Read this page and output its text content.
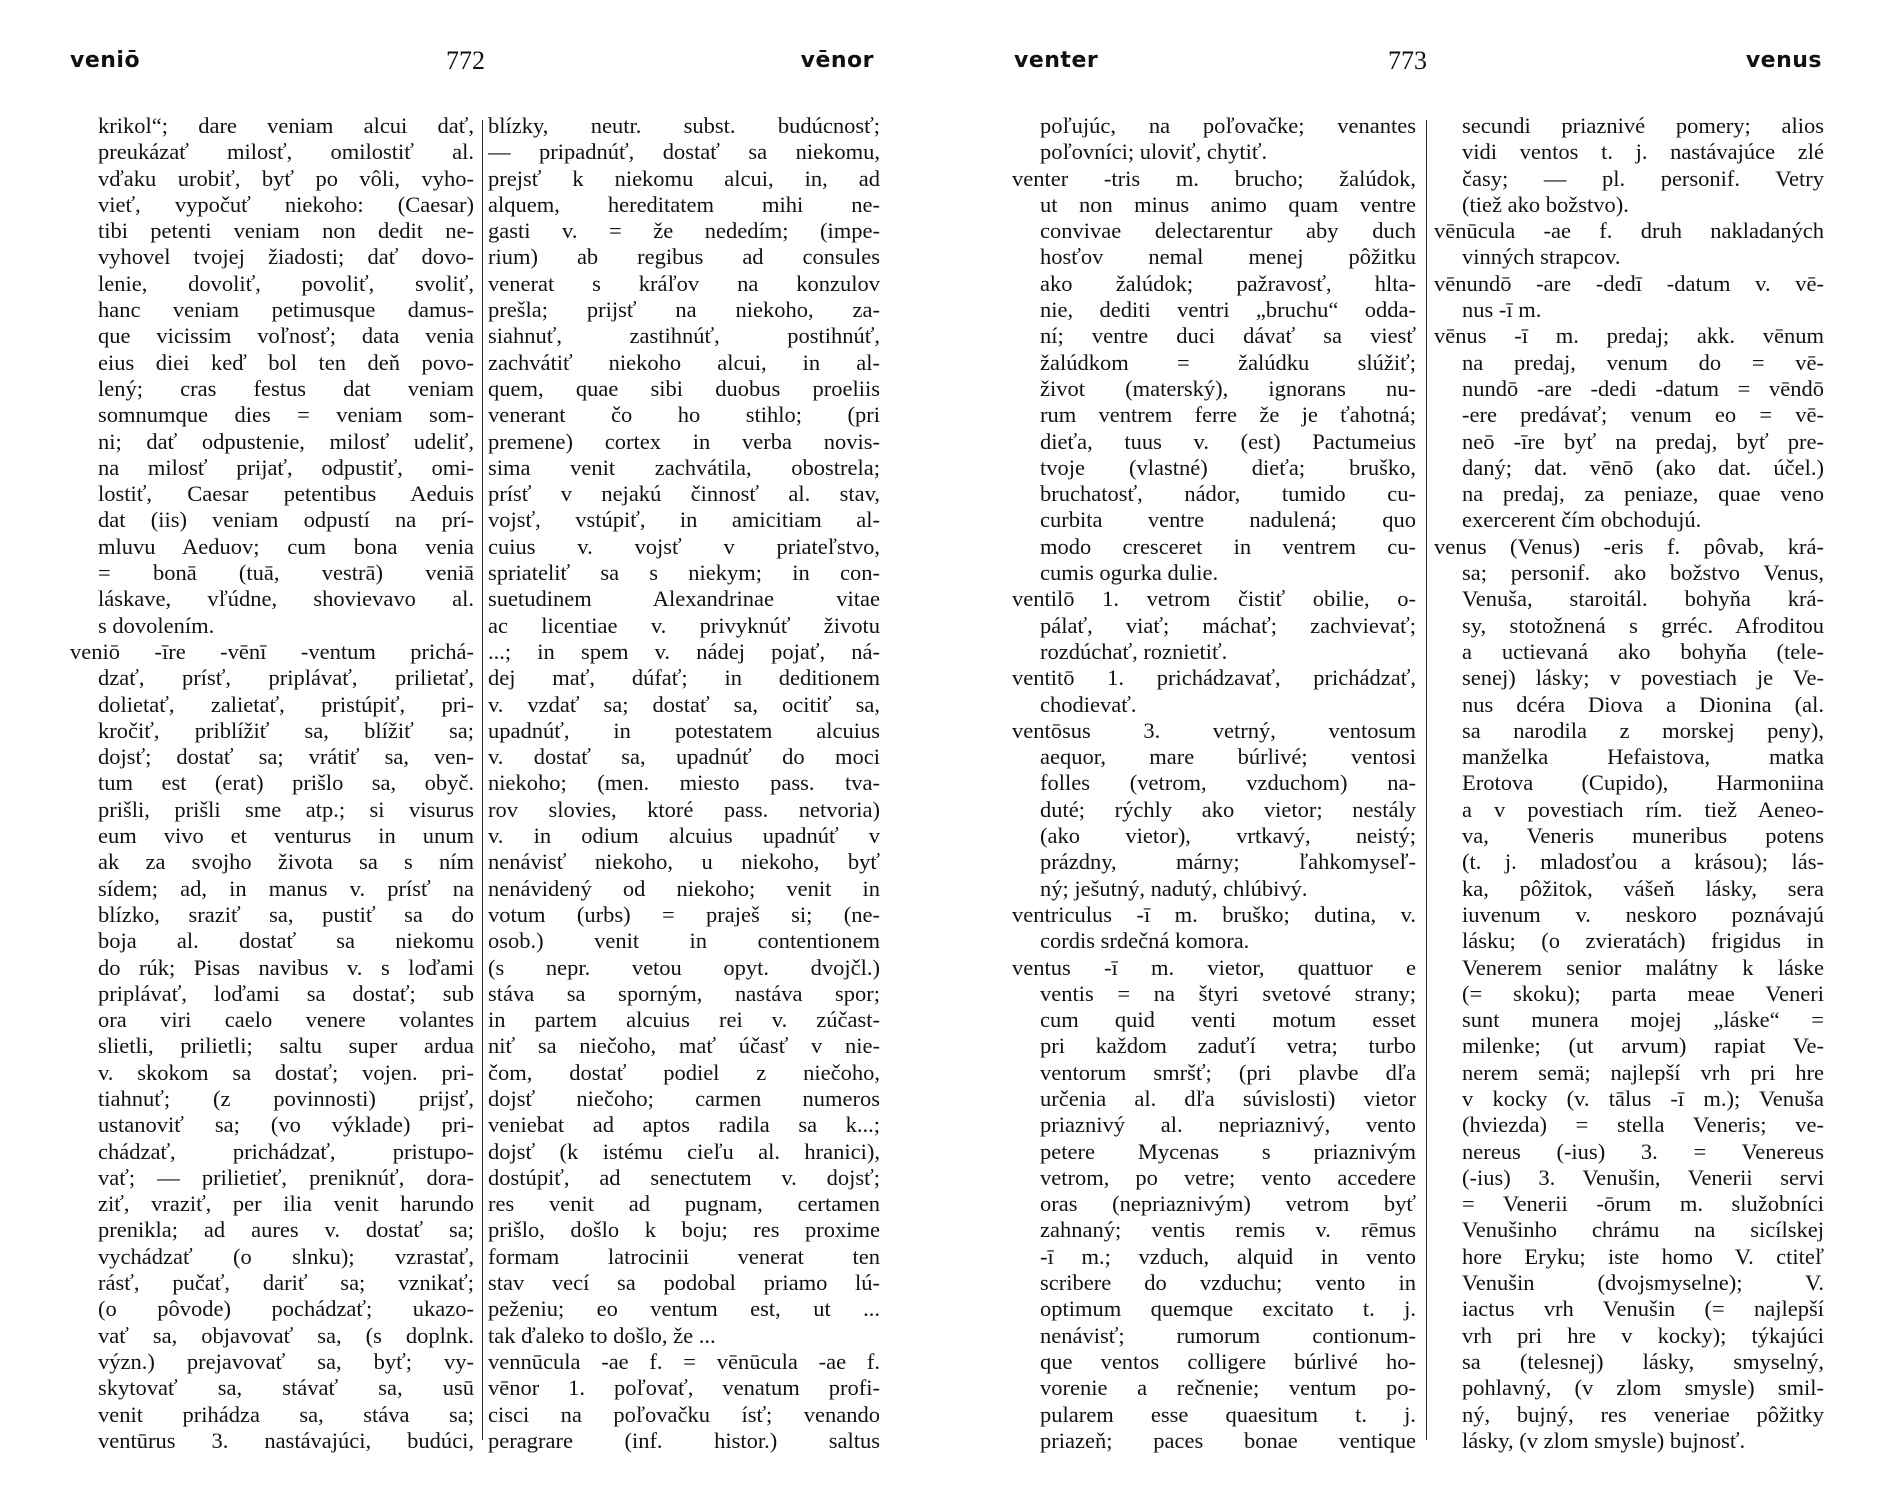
veniō	772	vēnor
krikol“; dare veniam alcui dať,
preukázať milosť, omilostiť al.
vďaku urobiť, byť po vôli, vyho-
vieť, vypočuť niekoho: (Caesar)
tibi petenti veniam non dedit ne-
vyhovel tvojej žiadosti; dať dovo-
lenie, dovoliť, povoliť, svoliť,
hanc veniam petimusque damus-
que vicissim voľnosť; data venia
eius diei keď bol ten deň povo-
lený; cras festus dat veniam
somnumque dies = veniam som-
ni; dať odpustenie, milosť udeliť,
na milosť prijať, odpustiť, omi-
lostiť, Caesar petentibus Aeduis
dat (iis) veniam odpustí na prí-
mluvu Aeduov; cum bona venia
= bonā (tuā, vestrā) veniā
láskave, vľúdne, shovievavo al.
s dovolením.
veniō -īre -vēnī -ventum prichá-
dzať, prísť, priplávať, prilietať,
dolietať, zalietať, pristúpiť, pri-
kročiť, priblížiť sa, blížiť sa;
dojsť; dostať sa; vrátiť sa, ven-
tum est (erat) prišlo sa, obyč.
prišli, prišli sme atp.; si visurus
eum vivo et venturus in unum
ak za svojho života sa s ním
sídem; ad, in manus v. prísť na
blízko, sraziť sa, pustiť sa do
boja al. dostať sa niekomu
do rúk; Pisas navibus v. s loďami
priplávať, loďami sa dostať; sub
ora viri caelo venere volantes
slietli, prilietli; saltu super ardua
v. skokom sa dostať; vojen. pri-
tiahnuť; (z povinnosti) prijsť,
ustanoviť sa; (vo výklade) pri-
chádzať, prichádzať, pristupo-
vať; — prilietieť, preniknúť, dora-
ziť, vraziť, per ilia venit harundo
prenikla; ad aures v. dostať sa;
vychádzať (o slnku); vzrastať,
rásť, pučať, dariť sa; vznikať;
(o pôvode) pochádzať; ukazo-
vať sa, objavovať sa, (s doplnk.
význ.) prejavovať sa, byť; vy-
skytovať sa, stávať sa, usū
venit prihádza sa, stáva sa;
ventūrus 3. nastávajúci, budúci,
blízky, neutr. subst. budúcnosť;
— pripadnúť, dostať sa niekomu,
prejsť k niekomu alcui, in, ad
alquem, hereditatem mihi ne-
gasti v. = že nededím; (impe-
rium) ab regibus ad consules
venerat s kráľov na konzulov
prešla; prijsť na niekoho, za-
siahnuť, zastihnúť, postihnúť,
zachvátiť niekoho alcui, in al-
quem, quae sibi duobus proeliis
venerant čo ho stihlo; (pri
premene) cortex in verba novis-
sima venit zachvátila, obostrela;
prísť v nejakú činnosť al. stav,
vojsť, vstúpiť, in amicitiam al-
cuius v. vojsť v priateľstvo,
spriateliť sa s niekym; in con-
suetudinem Alexandrinae vitae
ac licentiae v. privyknúť životu
...; in spem v. nádej pojať, ná-
dej mať, dúfať; in deditionem
v. vzdať sa; dostať sa, ocitiť sa,
upadnúť, in potestatem alcuius
v. dostať sa, upadnúť do moci
niekoho; (men. miesto pass. tva-
rov slovies, ktoré pass. netvoria)
v. in odium alcuius upadnúť v
nenávisť niekoho, u niekoho, byť
nenávidený od niekoho; venit in
votum (urbs) = praješ si; (ne-
osob.) venit in contentionem
(s nepr. vetou opyt. dvojčl.)
stáva sa sporným, nastáva spor;
in partem alcuius rei v. zúčast-
niť sa niečoho, mať účasť v nie-
čom, dostať podiel z niečoho,
dojsť niečoho; carmen numeros
veniebat ad aptos radila sa k...;
dojsť (k istému cieľu al. hranici),
dostúpiť, ad senectutem v. dojsť;
res venit ad pugnam, certamen
prišlo, došlo k boju; res proxime
formam latrocinii venerat ten
stav vecí sa podobal priamo lú-
peženiu; eo ventum est, ut ...
tak ďaleko to došlo, že ...
vennūcula -ae f. = vēnūcula -ae f.
vēnor 1. poľovať, venatum profi-
cisci na poľovačku ísť; venando
peragrare (inf. histor.) saltus
venter	773	venus
poľujúc, na poľovačke; venantes
poľovníci; uloviť, chytiť.
venter -tris m. brucho; žalúdok,
ut non minus animo quam ventre
convivae delectarentur aby duch
hosťov nemal menej pôžitku
ako žalúdok; pažravosť, hlta-
nie, dediti ventri „bruchu“ odda-
ní; ventre duci dávať sa viesť
žalúdkom = žalúdku slúžiť;
život (materský), ignorans nu-
rum ventrem ferre že je ťahotná;
dieťa, tuus v. (est) Pactumeius
tvoje (vlastné) dieťa; bruško,
bruchatosť, nádor, tumido cu-
curbita ventre nadulená; quo
modo cresceret in ventrem cu-
cumis ogurka dulie.
ventilō 1. vetrom čistiť obilie, o-
pálať, viať; máchať; zachvievať;
rozdúchať, roznietiť.
ventitō 1. prichádzavať, prichádzať,
chodievať.
ventōsus 3. vetrný, ventosum
aequor, mare búrlivé; ventosi
folles (vetrom, vzduchom) na-
duté; rýchly ako vietor; nestály
(ako vietor), vrtkavý, neistý;
prázdny, márny; ľahkomyseľ-
ný; ješutný, nadutý, chlúbivý.
ventriculus -ī m. bruško; dutina, v.
cordis srdečná komora.
ventus -ī m. vietor, quattuor e
ventis = na štyri svetové strany;
cum quid venti motum esset
pri každom zaduťí vetra; turbo
ventorum smršť; (pri plavbe dľa
určenia al. dľa súvislosti) vietor
priaznivý al. nepriaznivý, vento
petere Mycenas s priaznivým
vetrom, po vetre; vento accedere
oras (nepriaznivým) vetrom byť
zahnaný; ventis remis v. rēmus
-ī m.; vzduch, alquid in vento
scribere do vzduchu; vento in
optimum quemque excitato t. j.
nenávisť; rumorum contionum-
que ventos colligere búrlivé ho-
vorenie a rečnenie; ventum po-
pularem esse quaesitum t. j.
priazeň; paces bonae ventique
secundi priaznivé pomery; alios
vidi ventos t. j. nastávajúce zlé
časy; — pl. personif. Vetry
(tiež ako božstvo).
vēnūcula -ae f. druh nakladaných
vinných strapcov.
vēnundō -are -dedī -datum v. vē-
nus -ī m.
vēnus -ī m. predaj; akk. vēnum
na predaj, venum do = vē-
nundō -are -dedi -datum = vēndō
-ere predávať; venum eo = vē-
neō -īre byť na predaj, byť pre-
daný; dat. vēnō (ako dat. účel.)
na predaj, za peniaze, quae veno
exercerent čím obchodujú.
venus (Venus) -eris f. pôvab, krá-
sa; personif. ako božstvo Venus,
Venuša, staroitál. bohyňa krá-
sy, stotožnená s grréc. Afroditou
a uctievaná ako bohyňa (tele-
senej) lásky; v povestiach je Ve-
nus dcéra Diova a Dionina (al.
sa narodila z morskej peny),
manželka Hefaistova, matka
Erotova (Cupido), Harmoniina
a v povestiach rím. tiež Aeneo-
va, Veneris muneribus potens
(t. j. mladosťou a krásou); lás-
ka, pôžitok, vášeň lásky, sera
iuvenum v. neskoro poznávajú
lásku; (o zvieratách) frigidus in
Venerem senior malátny k láske
(= skoku); parta meae Veneri
sunt munera mojej „láske“ =
milenke; (ut arvum) rapiat Ve-
nerem semä; najlepší vrh pri hre
v kocky (v. tālus -ī m.); Venuša
(hviezda) = stella Veneris; ve-
nereus (-ius) 3. = Venereus
(-ius) 3. Venušin, Venerii servi
= Venerii -ōrum m. služobníci
Venušinho chrámu na sicílskej
hore Eryku; iste homo V. ctiteľ
Venušin (dvojsmyselne); V.
iactus vrh Venušin (= najlepší
vrh pri hre v kocky); týkajúci
sa (telesnej) lásky, smyselný,
pohlavný, (v zlom smysle) smil-
ný, bujný, res veneriae pôžitky
lásky, (v zlom smysle) bujnosť.
